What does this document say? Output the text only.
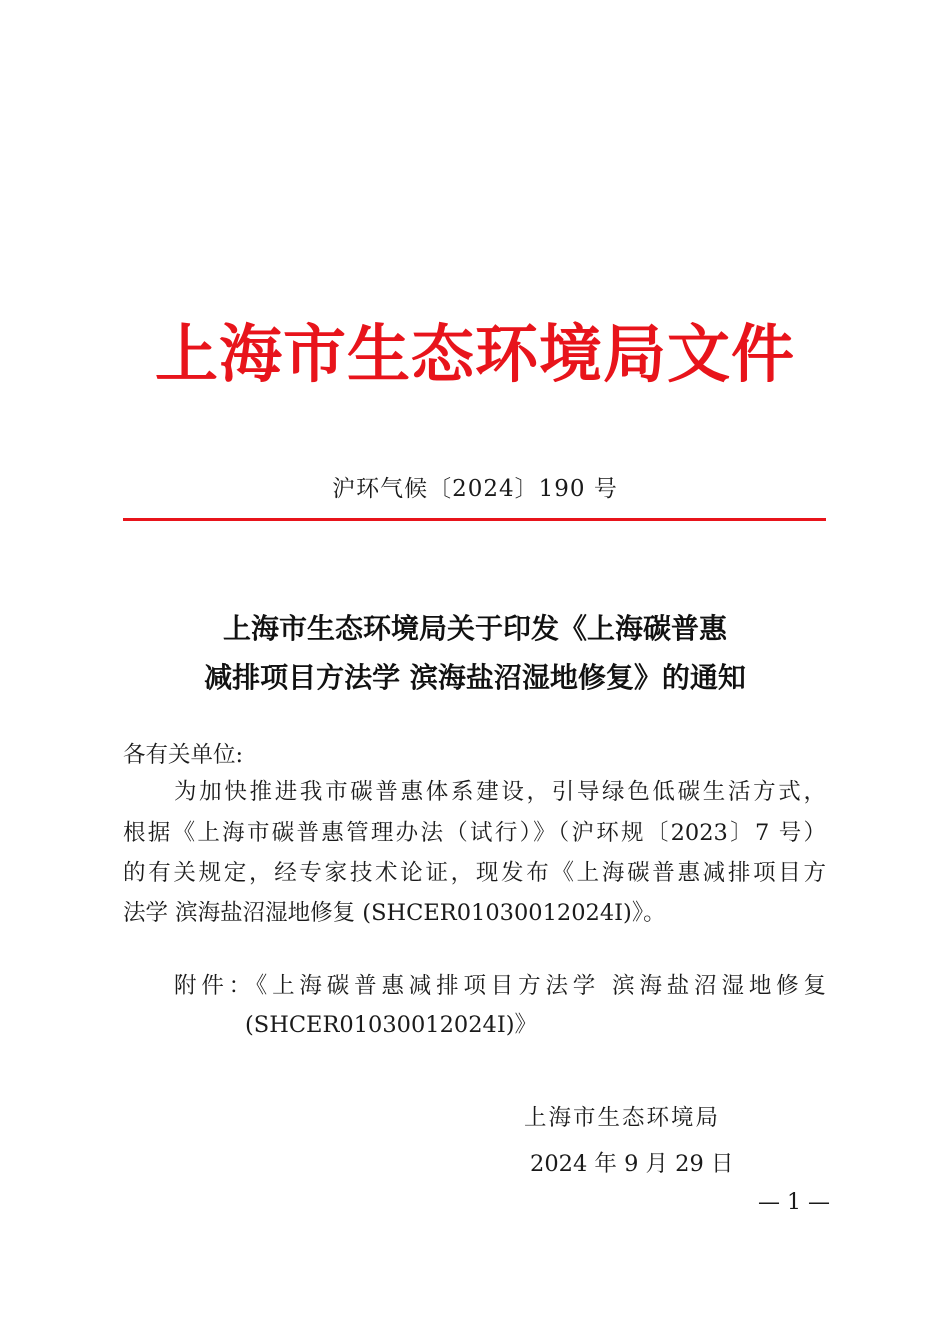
上海市生态环境局文件
沪环气候〔2024〕190 号
上海市生态环境局关于印发《上海碳普惠
减排项目方法学 滨海盐沼湿地修复》的通知
各有关单位:
为加快推进我市碳普惠体系建设，引导绿色低碳生活方式，
根据《上海市碳普惠管理办法（试行）》（沪环规〔2023〕7 号）
的有关规定，经专家技术论证，现发布《上海碳普惠减排项目方
法学 滨海盐沼湿地修复 (SHCER01030012024I)》。
附件：《上海碳普惠减排项目方法学 滨海盐沼湿地修复
(SHCER01030012024I)》
上海市生态环境局
2024 年 9 月 29 日
— 1 —
